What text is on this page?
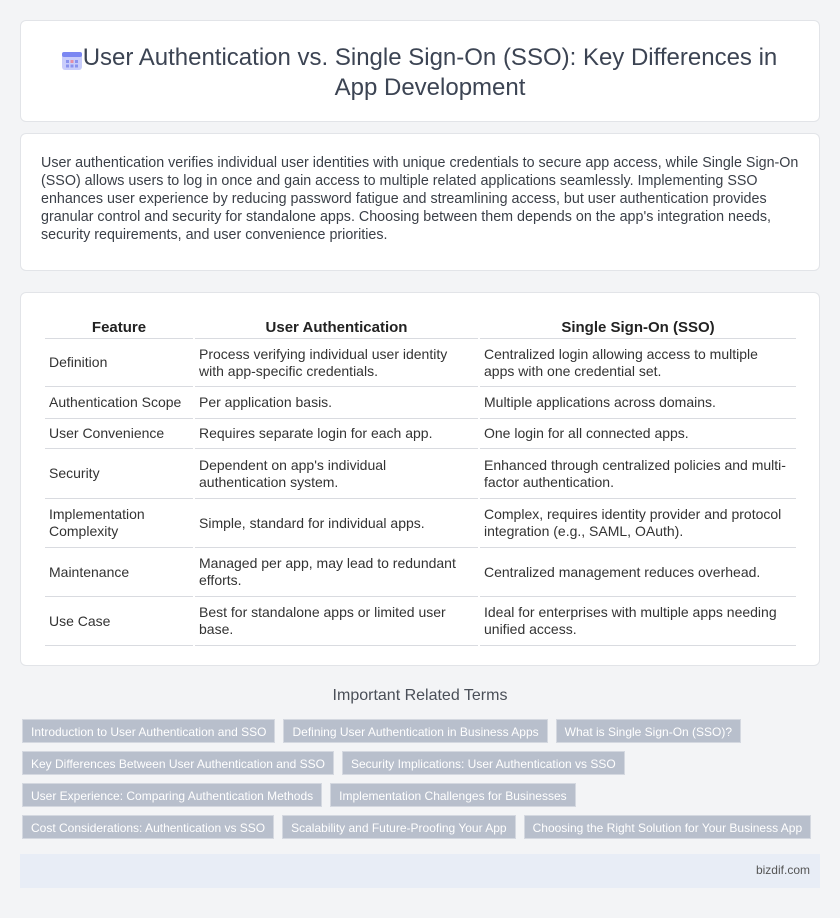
User Authentication vs. Single Sign-On (SSO): Key Differences in App Development

User authentication verifies individual user identities with unique credentials to secure app access, while Single Sign-On (SSO) allows users to log in once and gain access to multiple related applications seamlessly. Implementing SSO enhances user experience by reducing password fatigue and streamlining access, but user authentication provides granular control and security for standalone apps. Choosing between them depends on the app's integration needs, security requirements, and user convenience priorities.

Feature	User Authentication	Single Sign-On (SSO)
Definition	Process verifying individual user identity with app-specific credentials.	Centralized login allowing access to multiple apps with one credential set.
Authentication Scope	Per application basis.	Multiple applications across domains.
User Convenience	Requires separate login for each app.	One login for all connected apps.
Security	Dependent on app's individual authentication system.	Enhanced through centralized policies and multi-factor authentication.
Implementation Complexity	Simple, standard for individual apps.	Complex, requires identity provider and protocol integration (e.g., SAML, OAuth).
Maintenance	Managed per app, may lead to redundant efforts.	Centralized management reduces overhead.
Use Case	Best for standalone apps or limited user base.	Ideal for enterprises with multiple apps needing unified access.
Important Related Terms
Introduction to User Authentication and SSO	Defining User Authentication in Business Apps	What is Single Sign-On (SSO)?
Key Differences Between User Authentication and SSO	Security Implications: User Authentication vs SSO
User Experience: Comparing Authentication Methods	Implementation Challenges for Businesses
Cost Considerations: Authentication vs SSO	Scalability and Future-Proofing Your App	Choosing the Right Solution for Your Business App
bizdif.com
